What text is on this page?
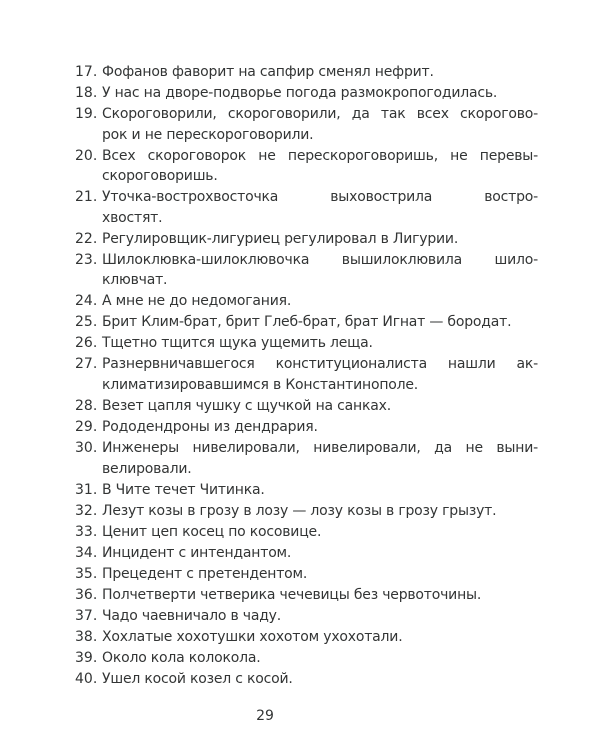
17. Фофанов фаворит на сапфир сменял нефрит.
18. У нас на дворе-подворье погода размокропогодилась.
19. Скороговорили, скороговорили, да так всех скорогово-
рок и не перескороговорили.
20. Всех скороговорок не перескороговоришь, не перевы-
скороговоришь.
21. Уточка-вострохвосточка выховострила востро-
хвостят.
22. Регулировщик-лигуриец регулировал в Лигурии.
23. Шилоклювка-шилоклювочка вышилоклювила шило-
клювчат.
24. А мне не до недомогания.
25. Брит Клим-брат, брит Глеб-брат, брат Игнат — бородат.
26. Тщетно тщится щука ущемить леща.
27. Разнервничавшегося конституционалиста нашли ак-
климатизировавшимся в Константинополе.
28. Везет цапля чушку с щучкой на санках.
29. Рододендроны из дендрария.
30. Инженеры нивелировали, нивелировали, да не выни-
велировали.
31. В Чите течет Читинка.
32. Лезут козы в грозу в лозу — лозу козы в грозу грызут.
33. Ценит цеп косец по косовице.
34. Инцидент с интендантом.
35. Прецедент с претендентом.
36. Полчетверти четверика чечевицы без червоточины.
37. Чадо чаевничало в чаду.
38. Хохлатые хохотушки хохотом ухохотали.
39. Около кола колокола.
40. Ушел косой козел с косой.
29
